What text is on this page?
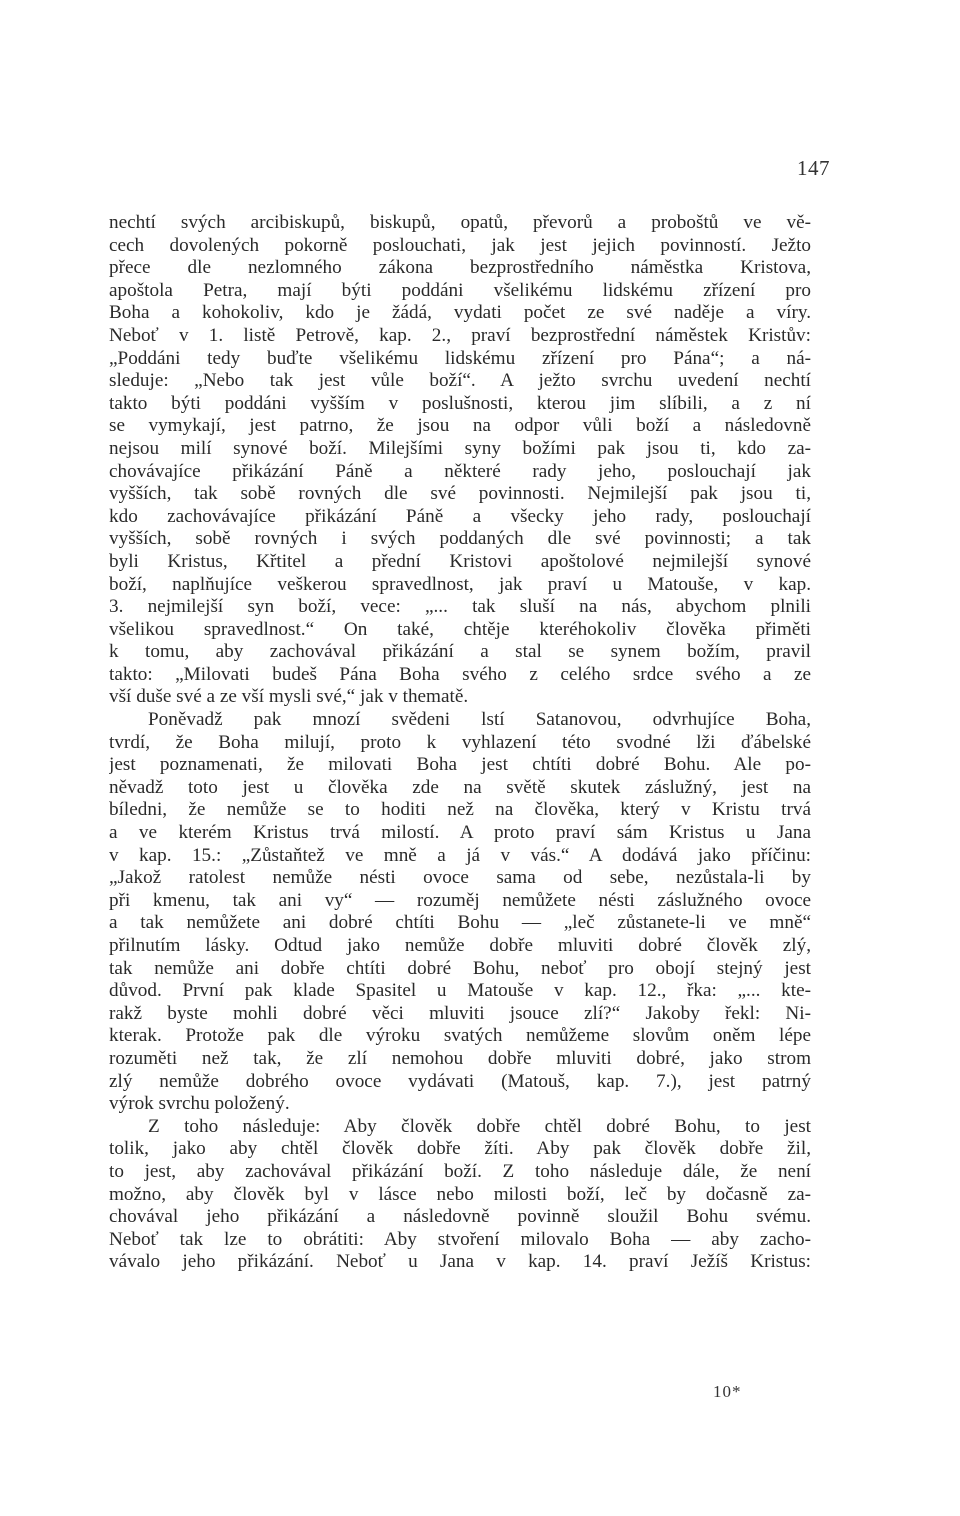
147
nechtí svých arcibiskupů, biskupů, opatů, převorů a proboštů ve vě-
cech dovolených pokorně poslouchati, jak jest jejich povinností. Ježto
přece dle nezlomného zákona bezprostředního náměstka Kristova,
apoštola Petra, mají býti poddáni všelikému lidskému zřízení pro
Boha a kohokoliv, kdo je žádá, vydati počet ze své naděje a víry.
Neboť v 1. listě Petrově, kap. 2., praví bezprostřední náměstek Kristův:
„Poddáni tedy buďte všelikému lidskému zřízení pro Pána“; a ná-
sleduje: „Nebo tak jest vůle boží“. A ježto svrchu uvedení nechtí
takto býti poddáni vyšším v poslušnosti, kterou jim slíbili, a z ní
se vymykají, jest patrno, že jsou na odpor vůli boží a následovně
nejsou milí synové boží. Milejšími syny božími pak jsou ti, kdo za-
chovávajíce přikázání Páně a některé rady jeho, poslouchají jak
vyšších, tak sobě rovných dle své povinnosti. Nejmilejší pak jsou ti,
kdo zachovávajíce přikázání Páně a všecky jeho rady, poslouchají
vyšších, sobě rovných i svých poddaných dle své povinnosti; a tak
byli Kristus, Křtitel a přední Kristovi apoštolové nejmilejší synové
boží, naplňujíce veškerou spravedlnost, jak praví u Matouše, v kap.
3. nejmilejší syn boží, vece: „... tak sluší na nás, abychom plnili
všelikou spravedlnost.“ On také, chtěje kteréhokoliv člověka přiměti
k tomu, aby zachovával přikázání a stal se synem božím, pravil
takto: „Milovati budeš Pána Boha svého z celého srdce svého a ze
vší duše své a ze vší mysli své,“ jak v thematě.
Poněvadž pak mnozí svědeni lstí Satanovou, odvrhujíce Boha,
tvrdí, že Boha milují, proto k vyhlazení této svodné lži ďábelské
jest poznamenati, že milovati Boha jest chtíti dobré Bohu. Ale po-
něvadž toto jest u člověka zde na světě skutek záslužný, jest na
bíledni, že nemůže se to hoditi než na člověka, který v Kristu trvá
a ve kterém Kristus trvá milostí. A proto praví sám Kristus u Jana
v kap. 15.: „Zůstaňtež ve mně a já v vás.“ A dodává jako příčinu:
„Jakož ratolest nemůže nésti ovoce sama od sebe, nezůstala-li by
při kmenu, tak ani vy“ — rozuměj nemůžete nésti záslužného ovoce
a tak nemůžete ani dobré chtíti Bohu — „leč zůstanete-li ve mně“
přilnutím lásky. Odtud jako nemůže dobře mluviti dobré člověk zlý,
tak nemůže ani dobře chtíti dobré Bohu, neboť pro obojí stejný jest
důvod. První pak klade Spasitel u Matouše v kap. 12., řka: „... kte-
rakž byste mohli dobré věci mluviti jsouce zlí?“ Jakoby řekl: Ni-
kterak. Protože pak dle výroku svatých nemůžeme slovům oněm lépe
rozuměti než tak, že zlí nemohou dobře mluviti dobré, jako strom
zlý nemůže dobrého ovoce vydávati (Matouš, kap. 7.), jest patrný
výrok svrchu položený.
Z toho následuje: Aby člověk dobře chtěl dobré Bohu, to jest
tolik, jako aby chtěl člověk dobře žíti. Aby pak člověk dobře žil,
to jest, aby zachovával přikázání boží. Z toho následuje dále, že není
možno, aby člověk byl v lásce nebo milosti boží, leč by dočasně za-
chovával jeho přikázání a následovně povinně sloužil Bohu svému.
Neboť tak lze to obrátiti: Aby stvoření milovalo Boha — aby zacho-
vávalo jeho přikázání. Neboť u Jana v kap. 14. praví Ježíš Kristus:
10*
